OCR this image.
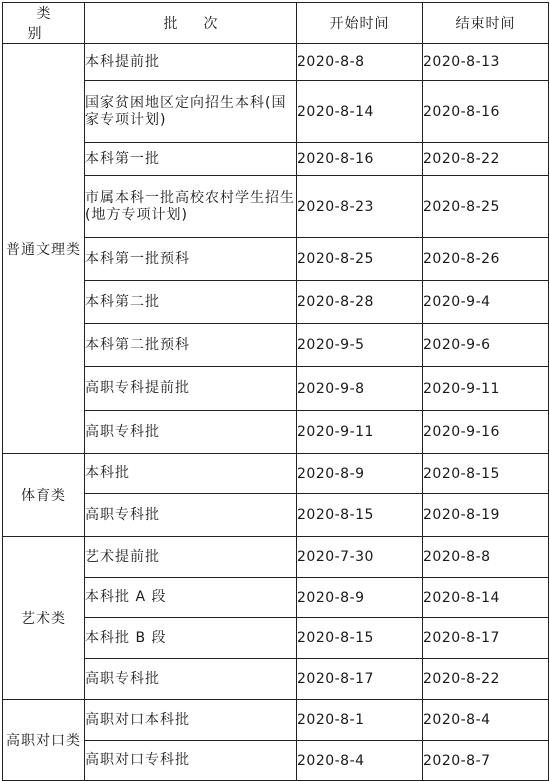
类别	批次	开始时间	结束时间
普通文理类	本科提前批	2020-8-8	2020-8-13
	国家贫困地区定向招生本科(国家专项计划)	2020-8-14	2020-8-16
	本科第一批	2020-8-16	2020-8-22
	市属本科一批高校农村学生招生(地方专项计划)	2020-8-23	2020-8-25
	本科第一批预科	2020-8-25	2020-8-26
	本科第二批	2020-8-28	2020-9-4
	本科第二批预科	2020-9-5	2020-9-6
	高职专科提前批	2020-9-8	2020-9-11
	高职专科批	2020-9-11	2020-9-16
体育类	本科批	2020-8-9	2020-8-15
	高职专科批	2020-8-15	2020-8-19
艺术类	艺术提前批	2020-7-30	2020-8-8
	本科批 A 段	2020-8-9	2020-8-14
	本科批 B 段	2020-8-15	2020-8-17
	高职专科批	2020-8-17	2020-8-22
高职对口类	高职对口本科批	2020-8-1	2020-8-4
	高职对口专科批	2020-8-4	2020-8-7
